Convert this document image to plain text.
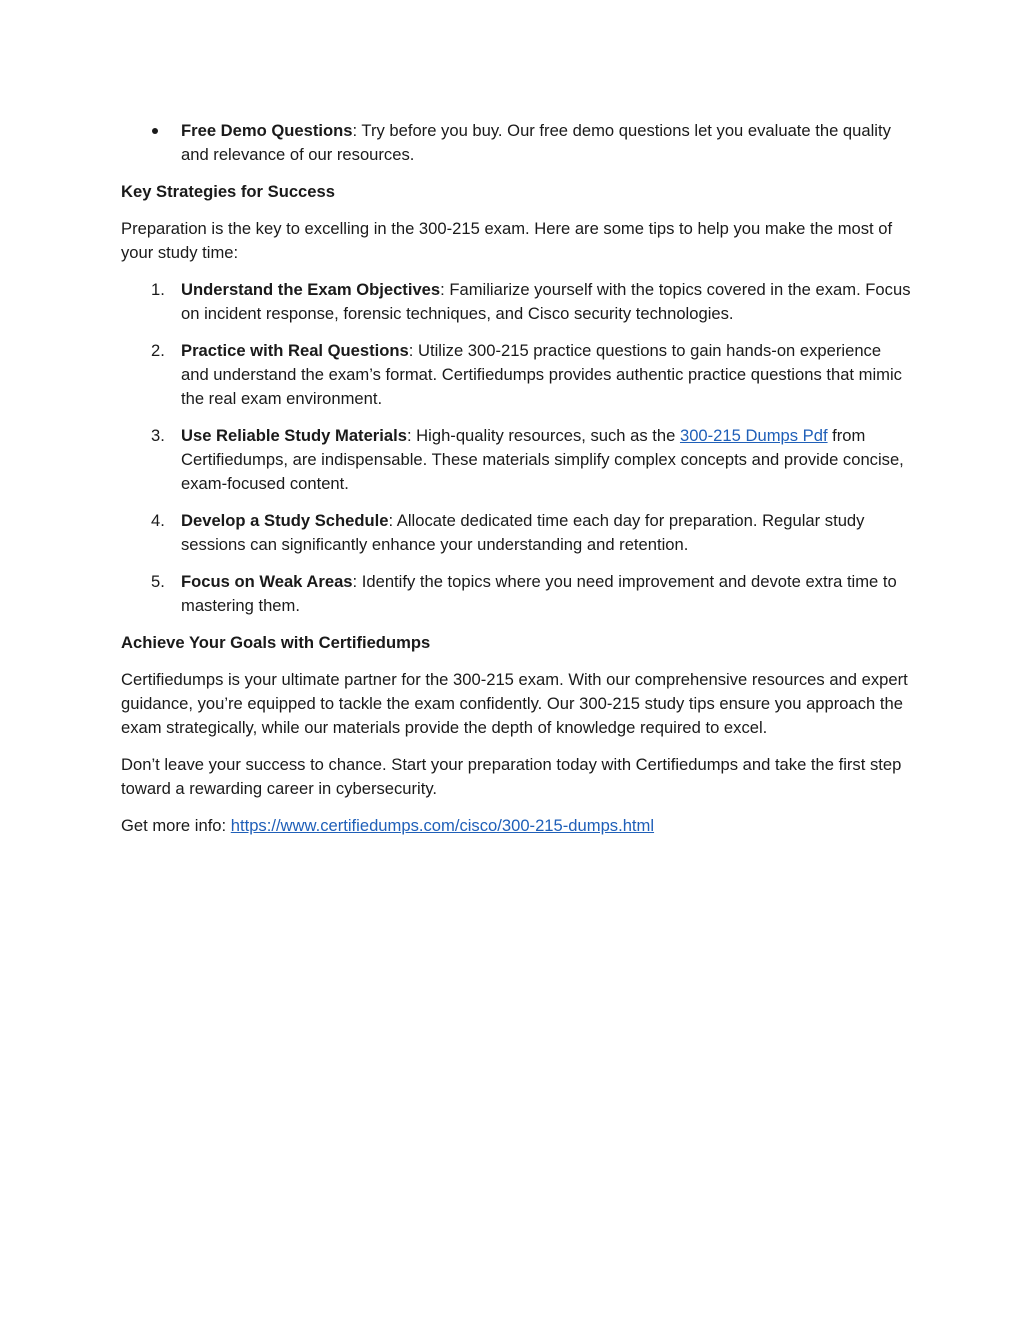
Free Demo Questions: Try before you buy. Our free demo questions let you evaluate the quality and relevance of our resources.
Key Strategies for Success

Preparation is the key to excelling in the 300-215 exam. Here are some tips to help you make the most of your study time:

1. Understand the Exam Objectives: Familiarize yourself with the topics covered in the exam. Focus on incident response, forensic techniques, and Cisco security technologies.
2. Practice with Real Questions: Utilize 300-215 practice questions to gain hands-on experience and understand the exam’s format. Certifiedumps provides authentic practice questions that mimic the real exam environment.
3. Use Reliable Study Materials: High-quality resources, such as the 300-215 Dumps Pdf from Certifiedumps, are indispensable. These materials simplify complex concepts and provide concise, exam-focused content.
4. Develop a Study Schedule: Allocate dedicated time each day for preparation. Regular study sessions can significantly enhance your understanding and retention.
5. Focus on Weak Areas: Identify the topics where you need improvement and devote extra time to mastering them.
Achieve Your Goals with Certifiedumps

Certifiedumps is your ultimate partner for the 300-215 exam. With our comprehensive resources and expert guidance, you’re equipped to tackle the exam confidently. Our 300-215 study tips ensure you approach the exam strategically, while our materials provide the depth of knowledge required to excel.

Don’t leave your success to chance. Start your preparation today with Certifiedumps and take the first step toward a rewarding career in cybersecurity.

Get more info: https://www.certifiedumps.com/cisco/300-215-dumps.html
